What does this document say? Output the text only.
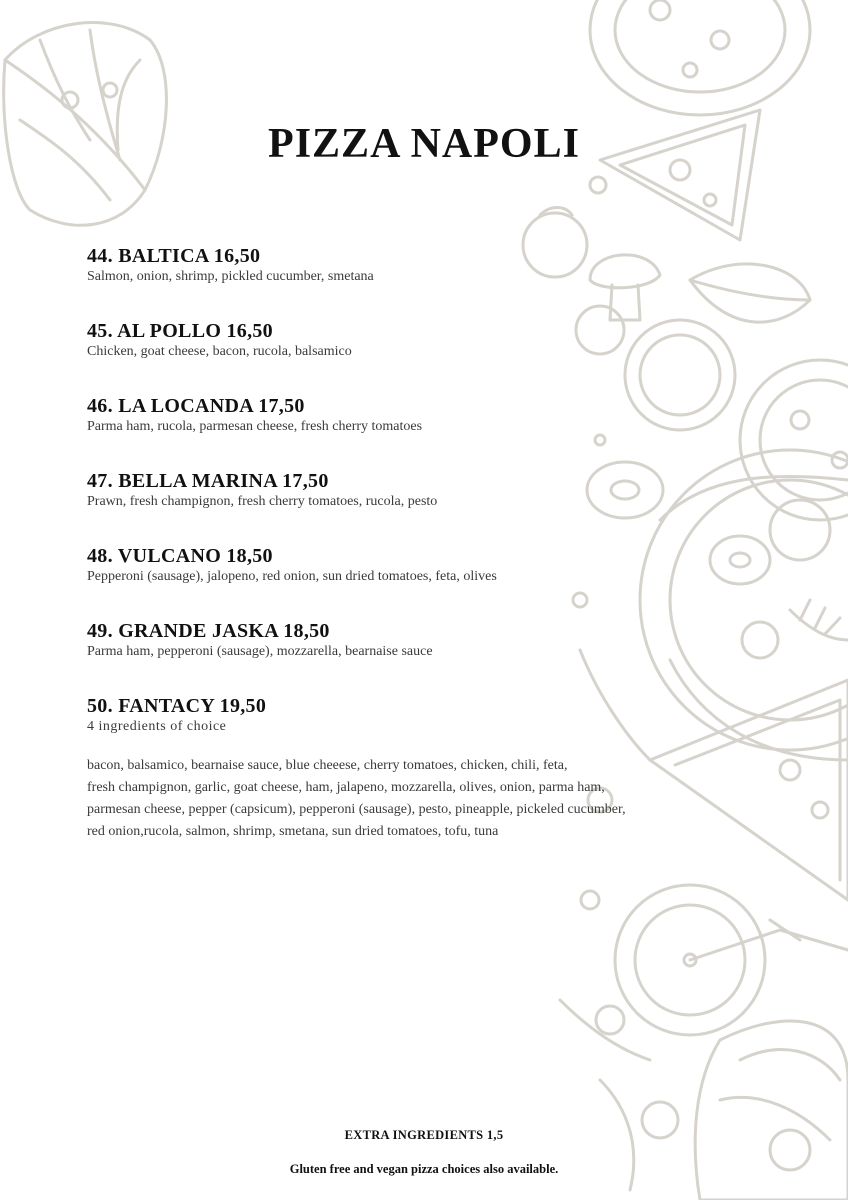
PIZZA NAPOLI
44. BALTICA 16,50
Salmon, onion, shrimp, pickled cucumber, smetana
45. AL POLLO 16,50
Chicken, goat cheese, bacon, rucola, balsamico
46. LA LOCANDA 17,50
Parma ham, rucola, parmesan cheese, fresh cherry tomatoes
47. BELLA MARINA 17,50
Prawn, fresh champignon, fresh cherry tomatoes, rucola, pesto
48. VULCANO 18,50
Pepperoni (sausage), jalopeno, red onion, sun dried tomatoes, feta, olives
49. GRANDE JASKA 18,50
Parma ham, pepperoni (sausage), mozzarella, bearnaise sauce
50. FANTACY 19,50
4 ingredients of choice
bacon, balsamico, bearnaise sauce, blue cheeese, cherry tomatoes, chicken, chili, feta,
fresh champignon, garlic, goat cheese, ham, jalapeno, mozzarella, olives, onion, parma ham,
parmesan cheese, pepper (capsicum), pepperoni (sausage), pesto, pineapple, pickeled cucumber,
red onion,rucola, salmon, shrimp, smetana, sun dried tomatoes, tofu, tuna
EXTRA INGREDIENTS 1,5
Gluten free and vegan pizza choices also available.
